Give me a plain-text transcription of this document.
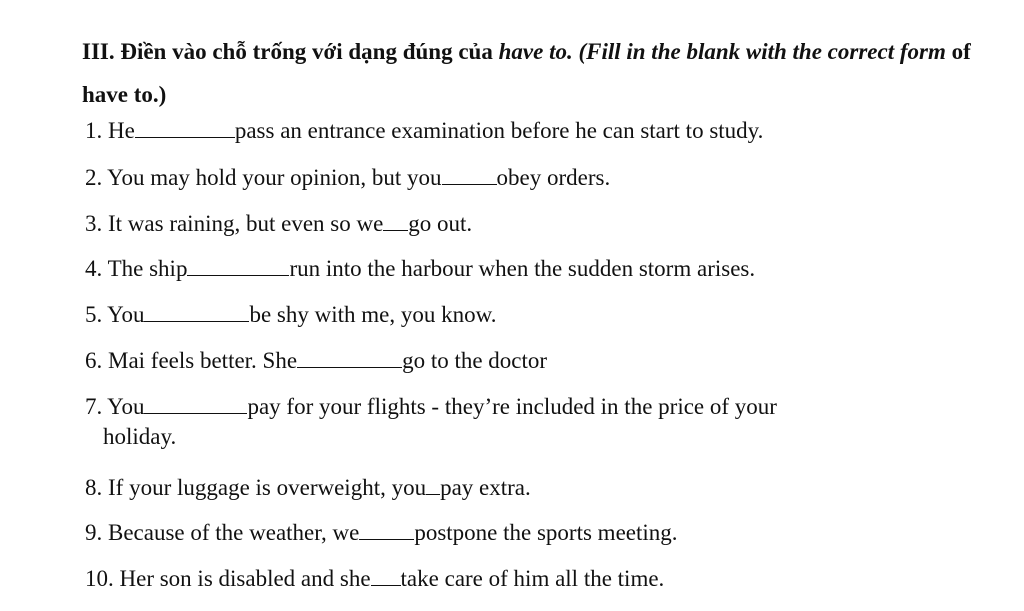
III. Điền vào chỗ trống với dạng đúng của have to. (Fill in the blank with the correct form of have to.)
1. He	pass an entrance examination before he can start to study.
2. You may hold your opinion, but you obey orders.
3. It was raining, but even so we go out.
4. The ship	run into the harbour when the sudden storm arises.
5. You	be shy with me, you know.
6. Mai feels better. She	go to the doctor
7. You	pay for your flights - they’re included in the price of your
holiday.
8. If your luggage is overweight, you pay extra.
9. Because of the weather, we postpone the sports meeting.
10. Her son is disabled and she take care of him all the time.
